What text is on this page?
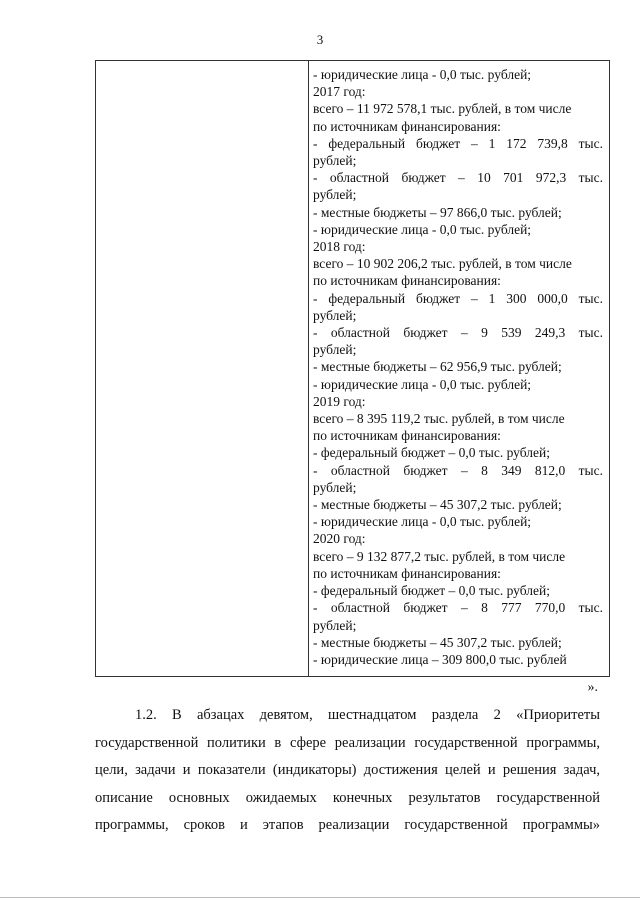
3
- юридические лица - 0,0 тыс. рублей;
2017 год:
всего – 11 972 578,1 тыс. рублей, в том числе
по источникам финансирования:
- федеральный бюджет – 1 172 739,8 тыс.
рублей;
- областной бюджет – 10 701 972,3 тыс.
рублей;
- местные бюджеты – 97 866,0 тыс. рублей;
- юридические лица - 0,0 тыс. рублей;
2018 год:
всего – 10 902 206,2 тыс. рублей, в том числе
по источникам финансирования:
- федеральный бюджет – 1 300 000,0 тыс.
рублей;
- областной бюджет – 9 539 249,3 тыс.
рублей;
- местные бюджеты – 62 956,9 тыс. рублей;
- юридические лица - 0,0 тыс. рублей;
2019 год:
всего – 8 395 119,2 тыс. рублей, в том числе
по источникам финансирования:
- федеральный бюджет – 0,0 тыс. рублей;
- областной бюджет – 8 349 812,0 тыс.
рублей;
- местные бюджеты – 45 307,2 тыс. рублей;
- юридические лица - 0,0 тыс. рублей;
2020 год:
всего – 9 132 877,2 тыс. рублей, в том числе
по источникам финансирования:
- федеральный бюджет – 0,0 тыс. рублей;
- областной бюджет – 8 777 770,0 тыс.
рублей;
- местные бюджеты – 45 307,2 тыс. рублей;
- юридические лица – 309 800,0 тыс. рублей
».
1.2. В абзацах девятом, шестнадцатом раздела 2 «Приоритеты
государственной политики в сфере реализации государственной программы,
цели, задачи и показатели (индикаторы) достижения целей и решения задач,
описание основных ожидаемых конечных результатов государственной
программы, сроков и этапов реализации государственной программы»
